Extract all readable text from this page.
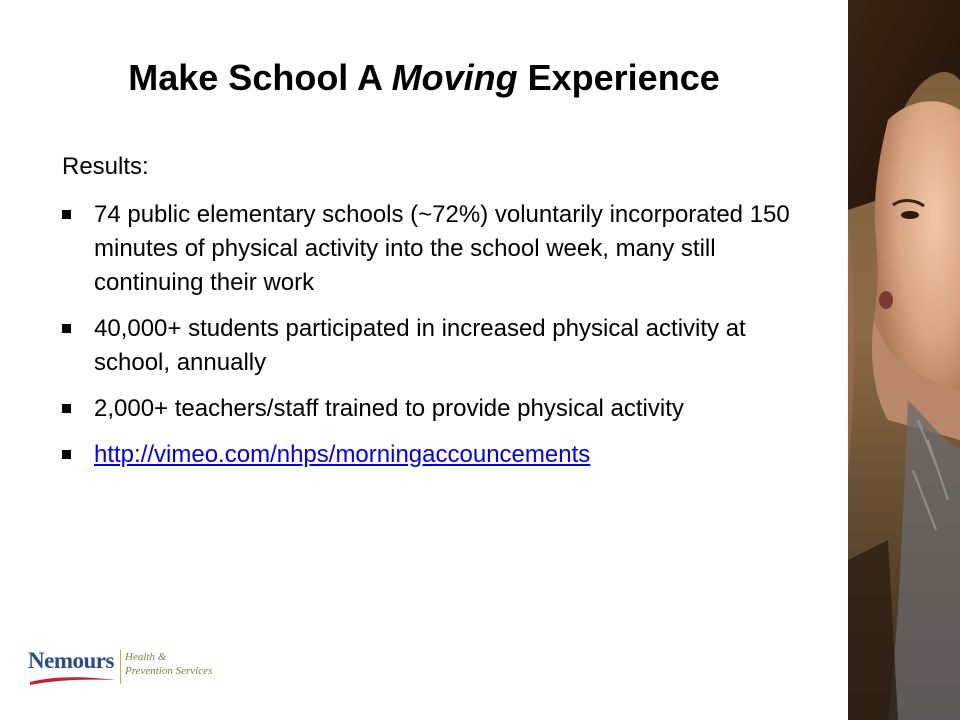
Make School A Moving Experience

Results:

74 public elementary schools (~72%) voluntarily incorporated 150 minutes of physical activity into the school week, many still continuing their work
40,000+ students participated in increased physical activity at school, annually
2,000+ teachers/staff trained to provide physical activity
http://vimeo.com/nhps/morningaccouncements
Nemours Health &
Prevention Services
